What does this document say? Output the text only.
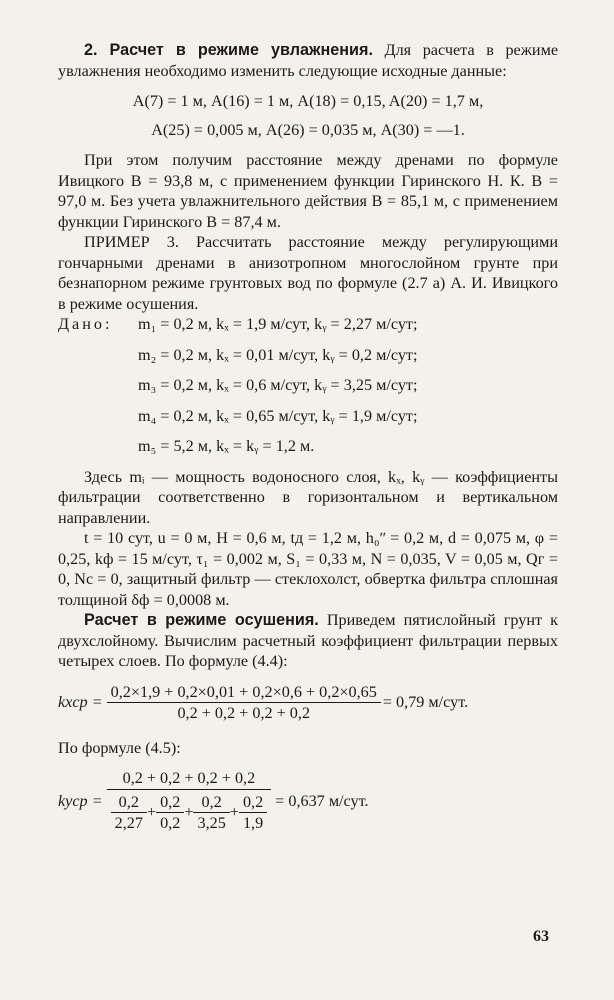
2. Расчет в режиме увлажнения. Для расчета в режиме увлажнения необходимо изменить следующие исходные данные:

A(7) = 1 м, A(16) = 1 м, A(18) = 0,15, A(20) = 1,7 м,

A(25) = 0,005 м, A(26) = 0,035 м, A(30) = —1.

При этом получим расстояние между дренами по формуле Ивицкого B = 93,8 м, с применением функции Гиринского Н. К. B = 97,0 м. Без учета увлажнительного действия B = 85,1 м, с применением функции Гиринского B = 87,4 м.

ПРИМЕР 3. Рассчитать расстояние между регулирующими гончарными дренами в анизотропном многослойном грунте при безнапорном режиме грунтовых вод по формуле (2.7 а) А. И. Ивицкого в режиме осушения.

Дано:	m₁ = 0,2 м, kₓ = 1,9 м/сут, kᵧ = 2,27 м/сут;
m₂ = 0,2 м, kₓ = 0,01 м/сут, kᵧ = 0,2 м/сут;
m₃ = 0,2 м, kₓ = 0,6 м/сут, kᵧ = 3,25 м/сут;
m₄ = 0,2 м, kₓ = 0,65 м/сут, kᵧ = 1,9 м/сут;
m₅ = 5,2 м, kₓ = kᵧ = 1,2 м.

Здесь mᵢ — мощность водоносного слоя, kₓ, kᵧ — коэффициенты фильтрации соответственно в горизонтальном и вертикальном направлении.

t = 10 сут, u = 0 м, H = 0,6 м, tд = 1,2 м, h₀ʺ = 0,2 м, d = 0,075 м, φ = 0,25, kф = 15 м/сут, τ₁ = 0,002 м, S₁ = 0,33 м, N = 0,035, V = 0,05 м, Qг = 0, Nс = 0, защитный фильтр — стеклохолст, обвертка фильтра сплошная толщиной δф = 0,0008 м.

Расчет в режиме осушения. Приведем пятислойный грунт к двухслойному. Вычислим расчетный коэффициент фильтрации первых четырех слоев. По формуле (4.4):

kxср = $\frac{0,2\times 1,9 + 0,2\times 0,01 + 0,2\times 0,6 + 0,2\times 0,65}{0,2 + 0,2 + 0,2 + 0,2} = 0,79$ м/сут.

По формуле (4.5):

kyср =
0,2 + 0,2 + 0,2 + 0,2
$\frac{0,2}{2,27} + \frac{0,2}{0,2} + \frac{0,2}{3,25} + \frac{0,2}{1,9} = 0,637$ м/сут.
63
